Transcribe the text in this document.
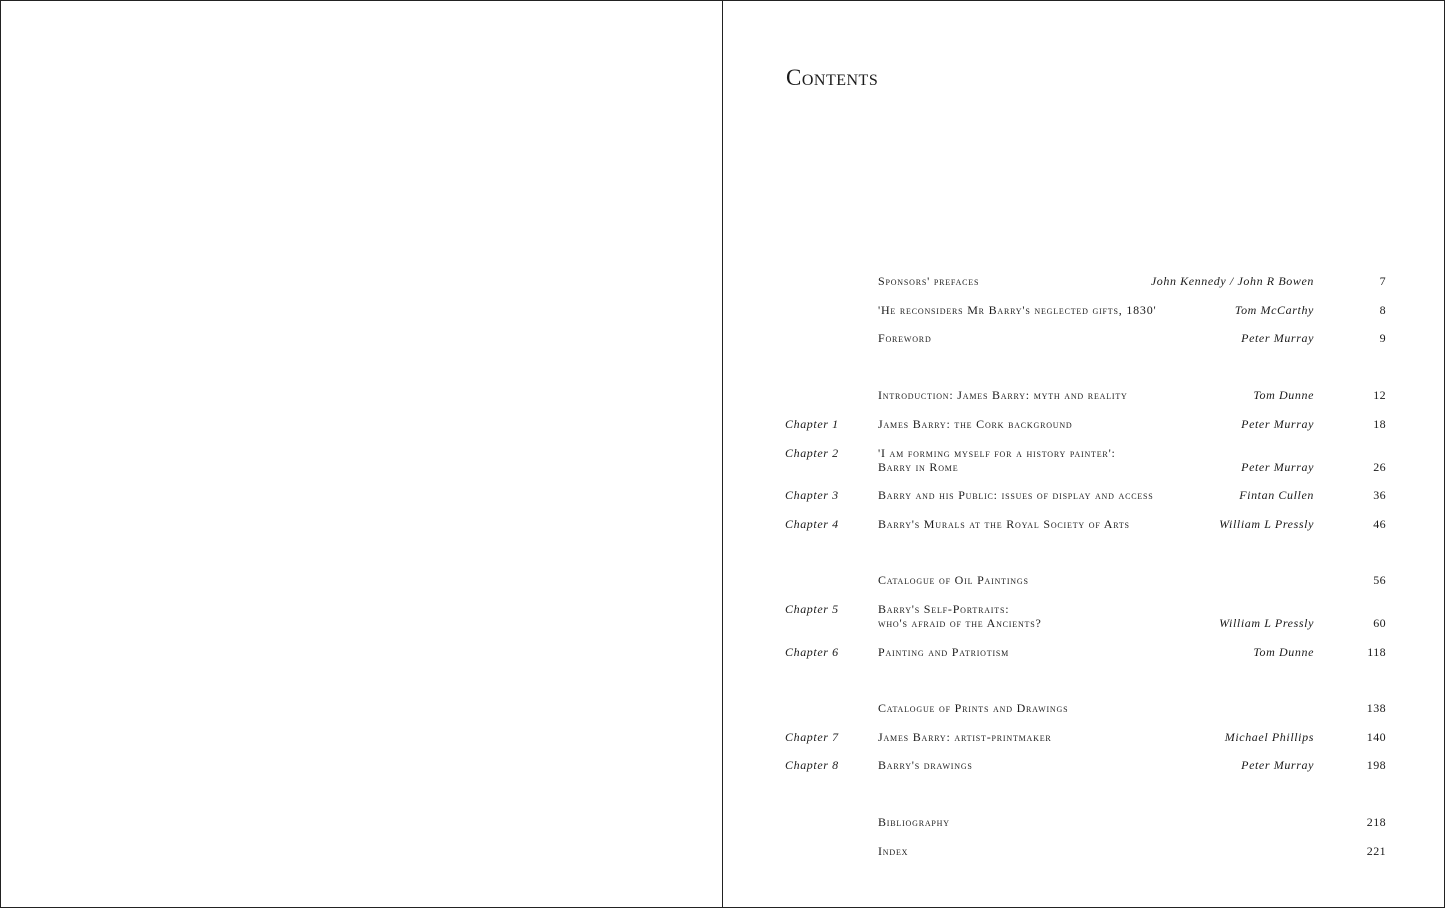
Contents
Sponsors' prefaces	John Kennedy / John R Bowen	7
'He reconsiders Mr Barry's neglected gifts, 1830'	Tom McCarthy	8
Foreword	Peter Murray	9
Introduction: James Barry: myth and reality	Tom Dunne	12
Chapter 1	James Barry: the Cork background	Peter Murray	18
Chapter 2	'I am forming myself for a history painter':
Barry in Rome	Peter Murray	26
Chapter 3	Barry and his Public: issues of display and access	Fintan Cullen	36
Chapter 4	Barry's Murals at the Royal Society of Arts	William L Pressly	46
Catalogue of Oil Paintings	56
Chapter 5	Barry's Self-Portraits:
who's afraid of the Ancients?	William L Pressly	60
Chapter 6	Painting and Patriotism	Tom Dunne	118
Catalogue of Prints and Drawings	138
Chapter 7	James Barry: artist-printmaker	Michael Phillips	140
Chapter 8	Barry's drawings	Peter Murray	198
Bibliography	218
Index	221
